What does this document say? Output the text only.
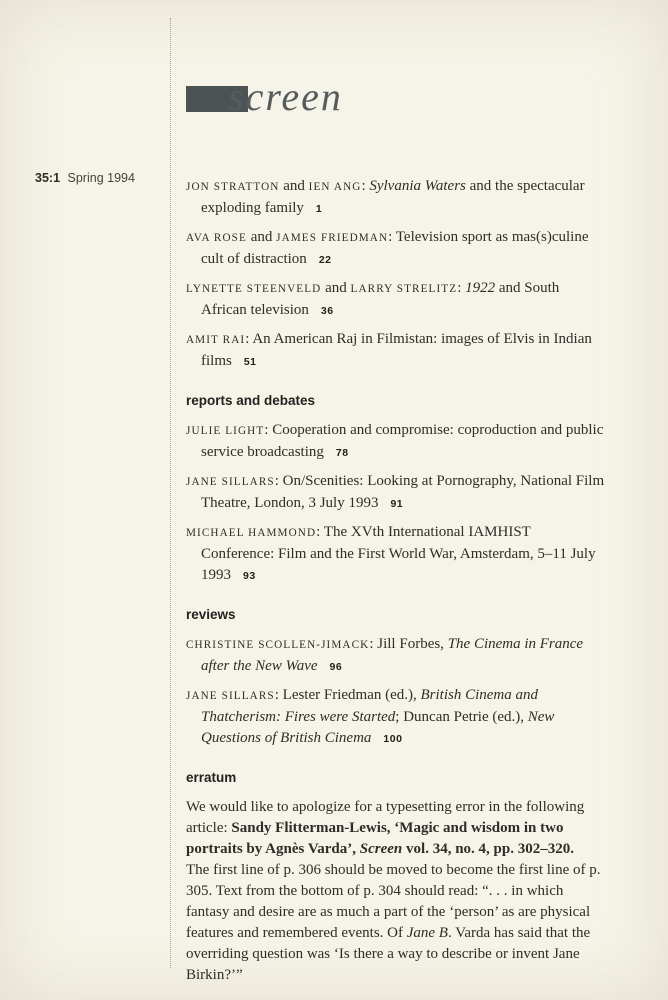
35:1 Spring 1994
screen

JON STRATTON and IEN ANG: Sylvania Waters and the spectacular exploding family 1

AVA ROSE and JAMES FRIEDMAN: Television sport as mas(s)culine cult of distraction 22

LYNETTE STEENVELD and LARRY STRELITZ: 1922 and South African television 36

AMIT RAI: An American Raj in Filmistan: images of Elvis in Indian films 51

reports and debates

JULIE LIGHT: Cooperation and compromise: coproduction and public service broadcasting 78

JANE SILLARS: On/Scenities: Looking at Pornography, National Film Theatre, London, 3 July 1993 91

MICHAEL HAMMOND: The XVth International IAMHIST Conference: Film and the First World War, Amsterdam, 5–11 July 1993 93

reviews

CHRISTINE SCOLLEN-JIMACK: Jill Forbes, The Cinema in France after the New Wave 96

JANE SILLARS: Lester Friedman (ed.), British Cinema and Thatcherism: Fires were Started; Duncan Petrie (ed.), New Questions of British Cinema 100

erratum

We would like to apologize for a typesetting error in the following article: Sandy Flitterman-Lewis, ‘Magic and wisdom in two portraits by Agnès Varda’, Screen vol. 34, no. 4, pp. 302–320.

The first line of p. 306 should be moved to become the first line of p. 305. Text from the bottom of p. 304 should read: “. . . in which fantasy and desire are as much a part of the ‘person’ as are physical features and remembered events. Of Jane B. Varda has said that the overriding question was ‘Is there a way to describe or invent Jane Birkin?’”
